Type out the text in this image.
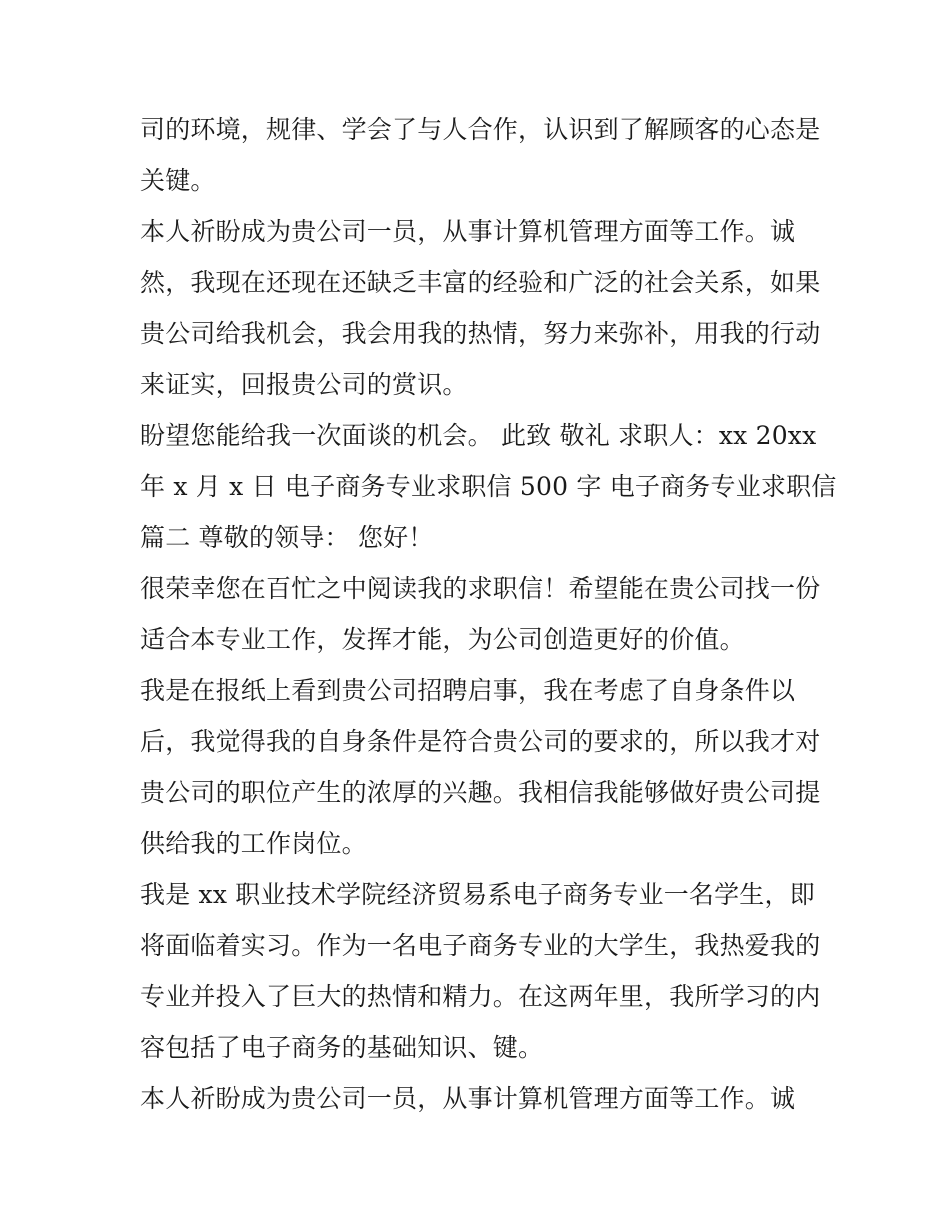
司的环境，规律、学会了与人合作，认识到了解顾客的心态是
关键。
本人祈盼成为贵公司一员，从事计算机管理方面等工作。诚
然，我现在还现在还缺乏丰富的经验和广泛的社会关系，如果
贵公司给我机会，我会用我的热情，努力来弥补，用我的行动
来证实，回报贵公司的赏识。
盼望您能给我一次面谈的机会。 此致 敬礼 求职人：xx 20xx
年 x 月 x 日 电子商务专业求职信 500 字 电子商务专业求职信
篇二 尊敬的领导： 您好！
很荣幸您在百忙之中阅读我的求职信！希望能在贵公司找一份
适合本专业工作，发挥才能，为公司创造更好的价值。
我是在报纸上看到贵公司招聘启事，我在考虑了自身条件以
后，我觉得我的自身条件是符合贵公司的要求的，所以我才对
贵公司的职位产生的浓厚的兴趣。我相信我能够做好贵公司提
供给我的工作岗位。
我是 xx 职业技术学院经济贸易系电子商务专业一名学生，即
将面临着实习。作为一名电子商务专业的大学生，我热爱我的
专业并投入了巨大的热情和精力。在这两年里，我所学习的内
容包括了电子商务的基础知识、键。
本人祈盼成为贵公司一员，从事计算机管理方面等工作。诚
